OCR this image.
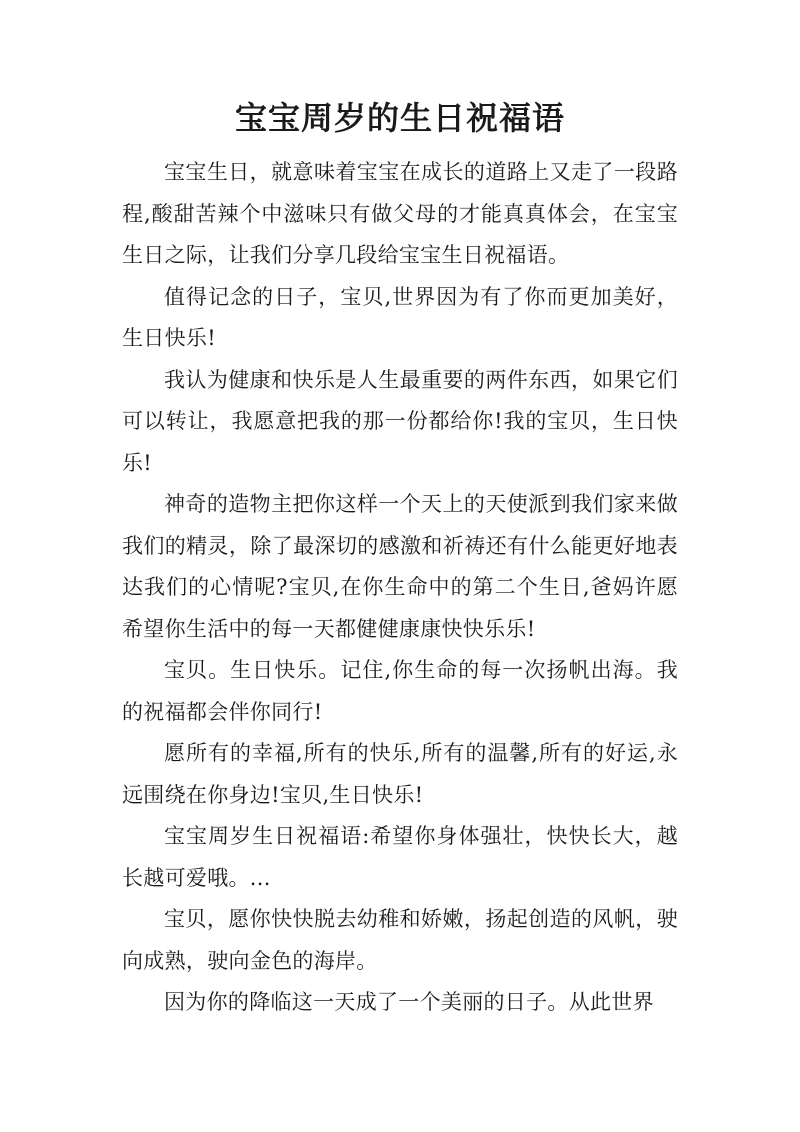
宝宝周岁的生日祝福语

宝宝生日，就意味着宝宝在成长的道路上又走了一段路程,酸甜苦辣个中滋味只有做父母的才能真真体会，在宝宝生日之际，让我们分享几段给宝宝生日祝福语。

值得记念的日子，宝贝,世界因为有了你而更加美好，生日快乐!

我认为健康和快乐是人生最重要的两件东西，如果它们可以转让，我愿意把我的那一份都给你!我的宝贝，生日快乐!

神奇的造物主把你这样一个天上的天使派到我们家来做我们的精灵，除了最深切的感激和祈祷还有什么能更好地表达我们的心情呢?宝贝,在你生命中的第二个生日,爸妈许愿希望你生活中的每一天都健健康康快快乐乐!

宝贝。生日快乐。记住,你生命的每一次扬帆出海。我的祝福都会伴你同行!

愿所有的幸福,所有的快乐,所有的温馨,所有的好运,永远围绕在你身边!宝贝,生日快乐!

宝宝周岁生日祝福语:希望你身体强壮，快快长大，越长越可爱哦。...

宝贝，愿你快快脱去幼稚和娇嫩，扬起创造的风帆，驶向成熟，驶向金色的海岸。

因为你的降临这一天成了一个美丽的日子。从此世界
